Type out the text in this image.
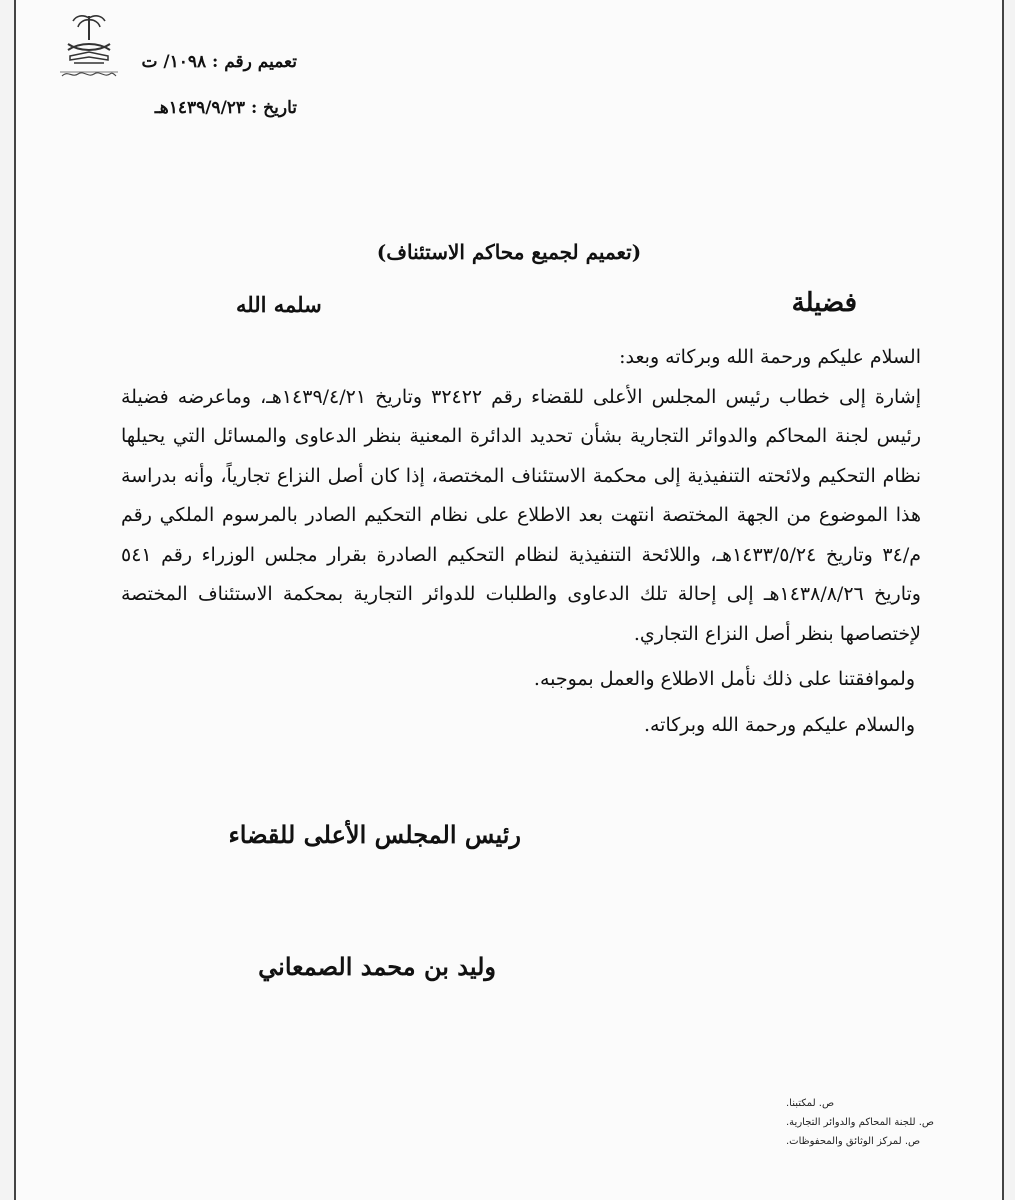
تعميم رقم : ١٠٩٨/ ت
تاريخ : ١٤٣٩/٩/٢٣هـ
(تعميم لجميع محاكم الاستئناف)
فضيلة
سلمه الله

السلام عليكم ورحمة الله وبركاته وبعد:

إشارة إلى خطاب رئيس المجلس الأعلى للقضاء رقم ٣٢٤٢٢ وتاريخ ١٤٣٩/٤/٢١هـ، وماعرضه فضيلة رئيس لجنة المحاكم والدوائر التجارية بشأن تحديد الدائرة المعنية بنظر الدعاوى والمسائل التي يحيلها نظام التحكيم ولائحته التنفيذية إلى محكمة الاستئناف المختصة، إذا كان أصل النزاع تجارياً، وأنه بدراسة هذا الموضوع من الجهة المختصة انتهت بعد الاطلاع على نظام التحكيم الصادر بالمرسوم الملكي رقم م/٣٤ وتاريخ ١٤٣٣/٥/٢٤هـ، واللائحة التنفيذية لنظام التحكيم الصادرة بقرار مجلس الوزراء رقم ٥٤١ وتاريخ ١٤٣٨/٨/٢٦هـ إلى إحالة تلك الدعاوى والطلبات للدوائر التجارية بمحكمة الاستئناف المختصة لإختصاصها بنظر أصل النزاع التجاري.

ولموافقتنا على ذلك نأمل الاطلاع والعمل بموجبه.

والسلام عليكم ورحمة الله وبركاته.

رئيس المجلس الأعلى للقضاء
وليد بن محمد الصمعاني
ص. لمكتبنا.
ص. للجنة المحاكم والدوائر التجارية.
ص. لمركز الوثائق والمحفوظات.
